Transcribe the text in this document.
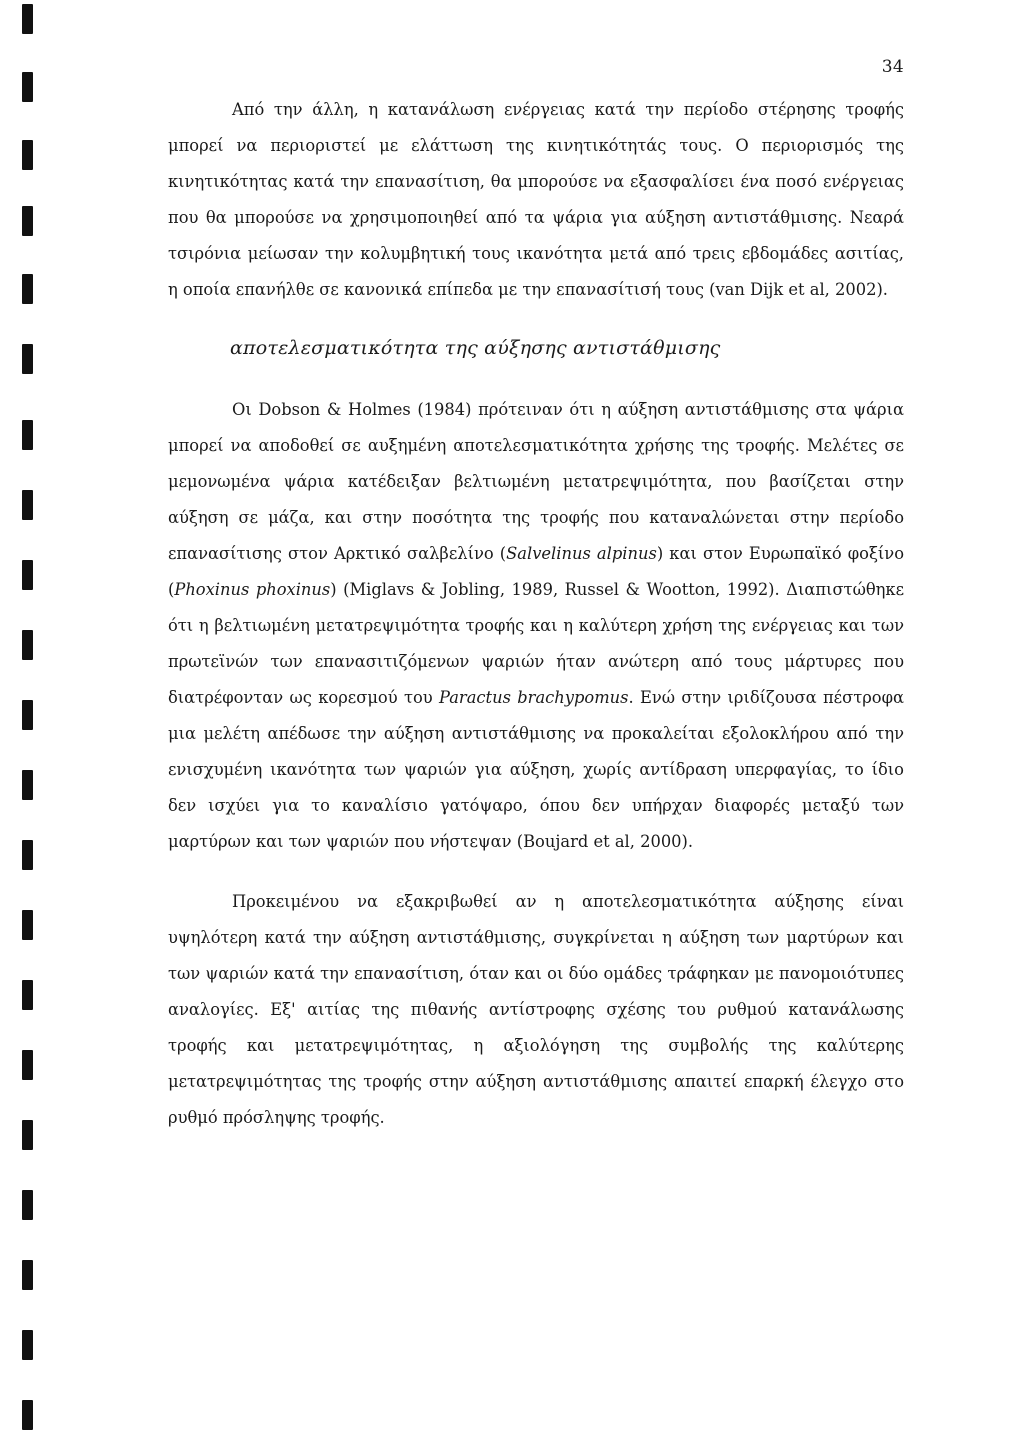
34

Από την άλλη, η κατανάλωση ενέργειας κατά την περίοδο στέρησης τροφής μπορεί να περιοριστεί με ελάττωση της κινητικότητάς τους. Ο περιορισμός της κινητικότητας κατά την επανασίτιση, θα μπορούσε να εξασφαλίσει ένα ποσό ενέργειας που θα μπορούσε να χρησιμοποιηθεί από τα ψάρια για αύξηση αντιστάθμισης. Νεαρά τσιρόνια μείωσαν την κολυμβητική τους ικανότητα μετά από τρεις εβδομάδες ασιτίας, η οποία επανήλθε σε κανονικά επίπεδα με την επανασίτισή τους (van Dijk et al, 2002).

αποτελεσματικότητα της αύξησης αντιστάθμισης

Οι Dobson & Holmes (1984) πρότειναν ότι η αύξηση αντιστάθμισης στα ψάρια μπορεί να αποδοθεί σε αυξημένη αποτελεσματικότητα χρήσης της τροφής. Μελέτες σε μεμονωμένα ψάρια κατέδειξαν βελτιωμένη μετατρεψιμότητα, που βασίζεται στην αύξηση σε μάζα, και στην ποσότητα της τροφής που καταναλώνεται στην περίοδο επανασίτισης στον Αρκτικό σαλβελίνο (Salvelinus alpinus) και στον Ευρωπαϊκό φοξίνο (Phoxinus phoxinus) (Miglavs & Jobling, 1989, Russel & Wootton, 1992). Διαπιστώθηκε ότι η βελτιωμένη μετατρεψιμότητα τροφής και η καλύτερη χρήση της ενέργειας και των πρωτεϊνών των επανασιτιζόμενων ψαριών ήταν ανώτερη από τους μάρτυρες που διατρέφονταν ως κορεσμού του Paractus brachypomus. Ενώ στην ιριδίζουσα πέστροφα μια μελέτη απέδωσε την αύξηση αντιστάθμισης να προκαλείται εξολοκλήρου από την ενισχυμένη ικανότητα των ψαριών για αύξηση, χωρίς αντίδραση υπερφαγίας, το ίδιο δεν ισχύει για το καναλίσιο γατόψαρο, όπου δεν υπήρχαν διαφορές μεταξύ των μαρτύρων και των ψαριών που νήστεψαν (Boujard et al, 2000).

Προκειμένου να εξακριβωθεί αν η αποτελεσματικότητα αύξησης είναι υψηλότερη κατά την αύξηση αντιστάθμισης, συγκρίνεται η αύξηση των μαρτύρων και των ψαριών κατά την επανασίτιση, όταν και οι δύο ομάδες τράφηκαν με πανομοιότυπες αναλογίες. Εξ' αιτίας της πιθανής αντίστροφης σχέσης του ρυθμού κατανάλωσης τροφής και μετατρεψιμότητας, η αξιολόγηση της συμβολής της καλύτερης μετατρεψιμότητας της τροφής στην αύξηση αντιστάθμισης απαιτεί επαρκή έλεγχο στο ρυθμό πρόσληψης τροφής.
